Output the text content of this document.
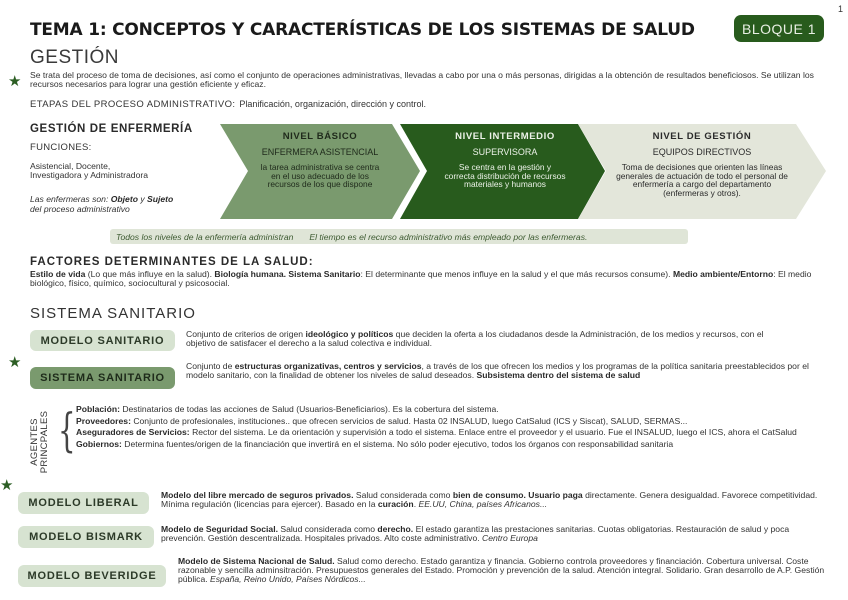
1
TEMA 1: CONCEPTOS Y CARACTERÍSTICAS DE LOS SISTEMAS DE SALUD	BLOQUE 1
GESTIÓN
★ Se trata del proceso de toma de decisiones, así como el conjunto de operaciones administrativas, llevadas a cabo por una o más personas, dirigidas a la obtención de resultados beneficiosos. Se utilizan los recursos necesarios para lograr una gestión eficiente y eficaz.
ETAPAS DEL PROCESO ADMINISTRATIVO: Planificación, organización, dirección y control.
GESTIÓN DE ENFERMERÍA
FUNCIONES:
Asistencial, Docente,
Investigadora y Administradora
Las enfermeras son: Objeto y Sujeto
del proceso administrativo
NIVEL BÁSICO
ENFERMERA ASISTENCIAL
la tarea administrativa se centra en el uso adecuado de los recursos de los que dispone
NIVEL INTERMEDIO
SUPERVISORA
Se centra en la gestión y correcta distribución de recursos materiales y humanos
NIVEL DE GESTIÓN
EQUIPOS DIRECTIVOS
Toma de decisiones que orienten las líneas generales de actuación de todo el personal de enfermería a cargo del departamento (enfermeras y otros).
Todos los niveles de la enfermería administran El tiempo es el recurso administrativo más empleado por las enfermeras.
FACTORES DETERMINANTES DE LA SALUD:
Estilo de vida (Lo que más influye en la salud). Biología humana. Sistema Sanitario: El determinante que menos influye en la salud y el que más recursos consume). Medio ambiente/Entorno: El medio biológico, físico, químico, sociocultural y psicosocial.
SISTEMA SANITARIO
MODELO SANITARIO
Conjunto de criterios de origen ideológico y políticos que deciden la oferta a los ciudadanos desde la Administración, de los medios y recursos, con el objetivo de satisfacer el derecho a la salud colectiva e individual.
★
SISTEMA SANITARIO
Conjunto de estructuras organizativas, centros y servicios, a través de los que ofrecen los medios y los programas de la política sanitaria preestablecidos por el modelo sanitario, con la finalidad de obtener los niveles de salud deseados. Subsistema dentro del sistema de salud
AGENTES PRINCPALES { Población: Destinatarios de todas las acciones de Salud (Usuarios-Beneficiarios). Es la cobertura del sistema.
Proveedores: Conjunto de profesionales, instituciones.. que ofrecen servicios de salud. Hasta 02 INSALUD, luego CatSalud (ICS y Siscat), SALUD, SERMAS...
Aseguradores de Servicios: Rector del sistema. Le da orientación y supervisión a todo el sistema. Enlace entre el proveedor y el usuario. Fue el INSALUD, luego el ICS, ahora el CatSalud
Gobiernos: Determina fuentes/origen de la financiación que invertirá en el sistema. No sólo poder ejecutivo, todos los órganos con responsabilidad sanitaria
★
MODELO LIBERAL
Modelo del libre mercado de seguros privados. Salud considerada como bien de consumo. Usuario paga directamente. Genera desigualdad. Favorece competitividad. Mínima regulación (licencias para ejercer). Basado en la curación. EE.UU, China, países Africanos...
MODELO BISMARK
Modelo de Seguridad Social. Salud considerada como derecho. El estado garantiza las prestaciones sanitarias. Cuotas obligatorias. Restauración de salud y poca prevención. Gestión descentralizada. Hospitales privados. Alto coste administrativo. Centro Europa
MODELO BEVERIDGE
Modelo de Sistema Nacional de Salud. Salud como derecho. Estado garantiza y financia. Gobierno controla proveedores y financiación. Cobertura universal. Coste razonable y sencilla adminsitración. Presupuestos generales del Estado. Promoción y prevención de la salud. Atención integral. Solidario. Gran desarrollo de A.P. Gestión pública. España, Reino Unido, Países Nórdicos...
